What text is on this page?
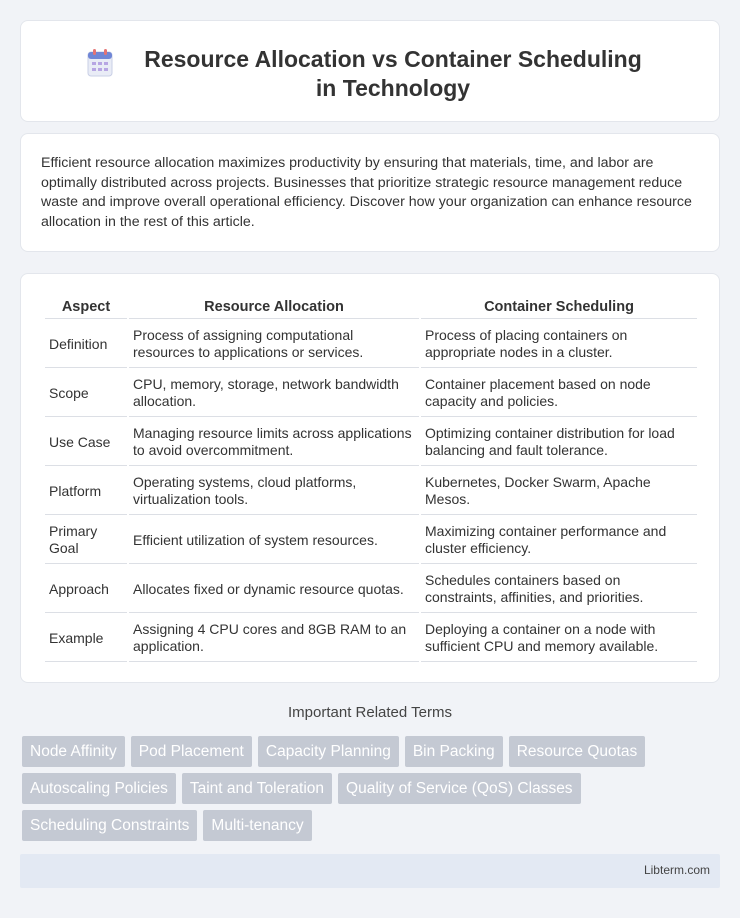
Resource Allocation vs Container Scheduling in Technology

Efficient resource allocation maximizes productivity by ensuring that materials, time, and labor are optimally distributed across projects. Businesses that prioritize strategic resource management reduce waste and improve overall operational efficiency. Discover how your organization can enhance resource allocation in the rest of this article.

Aspect	Resource Allocation	Container Scheduling
Definition	Process of assigning computational resources to applications or services.	Process of placing containers on appropriate nodes in a cluster.
Scope	CPU, memory, storage, network bandwidth allocation.	Container placement based on node capacity and policies.
Use Case	Managing resource limits across applications to avoid overcommitment.	Optimizing container distribution for load balancing and fault tolerance.
Platform	Operating systems, cloud platforms, virtualization tools.	Kubernetes, Docker Swarm, Apache Mesos.
Primary Goal	Efficient utilization of system resources.	Maximizing container performance and cluster efficiency.
Approach	Allocates fixed or dynamic resource quotas.	Schedules containers based on constraints, affinities, and priorities.
Example	Assigning 4 CPU cores and 8GB RAM to an application.	Deploying a container on a node with sufficient CPU and memory available.
Important Related Terms
Node Affinity	Pod Placement	Capacity Planning	Bin Packing	Resource Quotas
Autoscaling Policies	Taint and Toleration	Quality of Service (QoS) Classes
Scheduling Constraints	Multi-tenancy
Libterm.com
